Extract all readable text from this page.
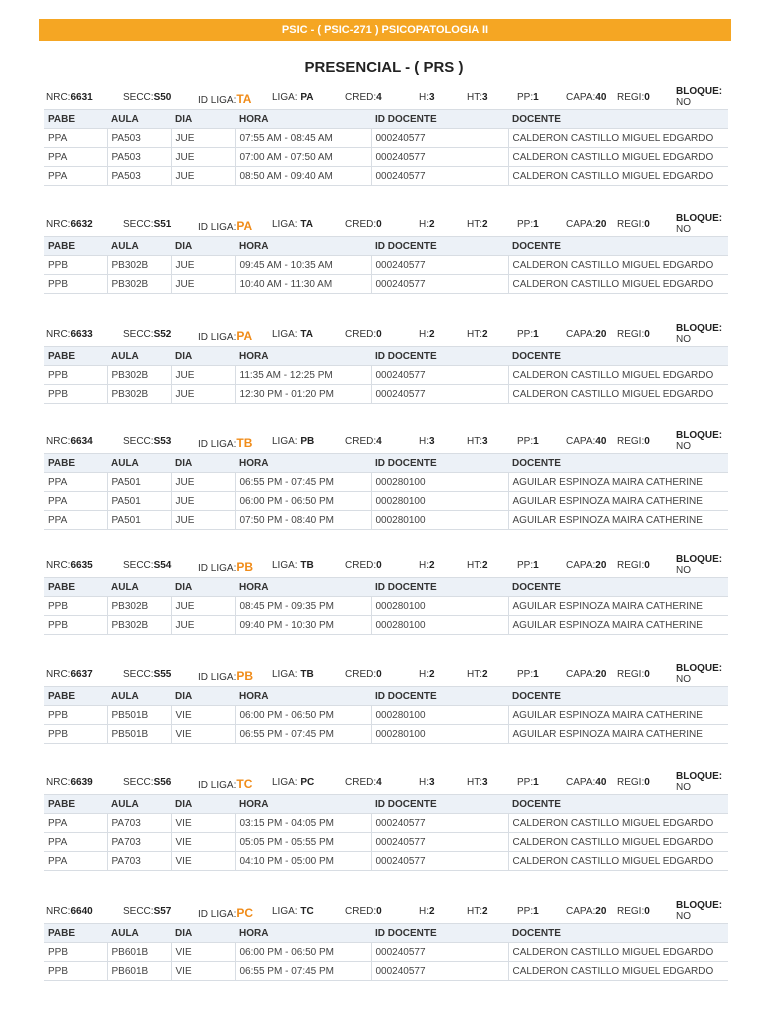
PSIC - ( PSIC-271 ) PSICOPATOLOGIA II
PRESENCIAL - ( PRS )
NRC:6631	SECC:S50	ID LIGA:TA LIGA: PA	CRED:4	H:3	HT:3	PP:1	CAPA:40 REGI:0
BLOQUE:
NO
PABE	AULA	DIA	HORA	ID DOCENTE	DOCENTE
PPA	PA503	JUE	07:55 AM - 08:45 AM	000240577	CALDERON CASTILLO MIGUEL EDGARDO
PPA	PA503	JUE	07:00 AM - 07:50 AM	000240577	CALDERON CASTILLO MIGUEL EDGARDO
PPA	PA503	JUE	08:50 AM - 09:40 AM	000240577	CALDERON CASTILLO MIGUEL EDGARDO
NRC:6632	SECC:S51	ID LIGA:PA LIGA: TA	CRED:0	H:2	HT:2	PP:1	CAPA:20 REGI:0
BLOQUE:
NO
PABE	AULA	DIA	HORA	ID DOCENTE	DOCENTE
PPB	PB302B	JUE	09:45 AM - 10:35 AM	000240577	CALDERON CASTILLO MIGUEL EDGARDO
PPB	PB302B	JUE	10:40 AM - 11:30 AM	000240577	CALDERON CASTILLO MIGUEL EDGARDO
NRC:6633	SECC:S52	ID LIGA:PA LIGA: TA	CRED:0	H:2	HT:2	PP:1	CAPA:20 REGI:0
BLOQUE:
NO
PABE	AULA	DIA	HORA	ID DOCENTE	DOCENTE
PPB	PB302B	JUE	11:35 AM - 12:25 PM	000240577	CALDERON CASTILLO MIGUEL EDGARDO
PPB	PB302B	JUE	12:30 PM - 01:20 PM	000240577	CALDERON CASTILLO MIGUEL EDGARDO
NRC:6634	SECC:S53	ID LIGA:TB LIGA: PB	CRED:4	H:3	HT:3	PP:1	CAPA:40 REGI:0
BLOQUE:
NO
PABE	AULA	DIA	HORA	ID DOCENTE	DOCENTE
PPA	PA501	JUE	06:55 PM - 07:45 PM	000280100	AGUILAR ESPINOZA MAIRA CATHERINE
PPA	PA501	JUE	06:00 PM - 06:50 PM	000280100	AGUILAR ESPINOZA MAIRA CATHERINE
PPA	PA501	JUE	07:50 PM - 08:40 PM	000280100	AGUILAR ESPINOZA MAIRA CATHERINE
NRC:6635	SECC:S54	ID LIGA:PB LIGA: TB	CRED:0	H:2	HT:2	PP:1	CAPA:20 REGI:0
BLOQUE:
NO
PABE	AULA	DIA	HORA	ID DOCENTE	DOCENTE
PPB	PB302B	JUE	08:45 PM - 09:35 PM	000280100	AGUILAR ESPINOZA MAIRA CATHERINE
PPB	PB302B	JUE	09:40 PM - 10:30 PM	000280100	AGUILAR ESPINOZA MAIRA CATHERINE
NRC:6637	SECC:S55	ID LIGA:PB LIGA: TB	CRED:0	H:2	HT:2	PP:1	CAPA:20 REGI:0
BLOQUE:
NO
PABE	AULA	DIA	HORA	ID DOCENTE	DOCENTE
PPB	PB501B	VIE	06:00 PM - 06:50 PM	000280100	AGUILAR ESPINOZA MAIRA CATHERINE
PPB	PB501B	VIE	06:55 PM - 07:45 PM	000280100	AGUILAR ESPINOZA MAIRA CATHERINE
NRC:6639	SECC:S56	ID LIGA:TC LIGA: PC	CRED:4	H:3	HT:3	PP:1	CAPA:40 REGI:0
BLOQUE:
NO
PABE	AULA	DIA	HORA	ID DOCENTE	DOCENTE
PPA	PA703	VIE	03:15 PM - 04:05 PM	000240577	CALDERON CASTILLO MIGUEL EDGARDO
PPA	PA703	VIE	05:05 PM - 05:55 PM	000240577	CALDERON CASTILLO MIGUEL EDGARDO
PPA	PA703	VIE	04:10 PM - 05:00 PM	000240577	CALDERON CASTILLO MIGUEL EDGARDO
NRC:6640	SECC:S57	ID LIGA:PC LIGA: TC	CRED:0	H:2	HT:2	PP:1	CAPA:20 REGI:0
BLOQUE:
NO
PABE	AULA	DIA	HORA	ID DOCENTE	DOCENTE
PPB	PB601B	VIE	06:00 PM - 06:50 PM	000240577	CALDERON CASTILLO MIGUEL EDGARDO
PPB	PB601B	VIE	06:55 PM - 07:45 PM	000240577	CALDERON CASTILLO MIGUEL EDGARDO
